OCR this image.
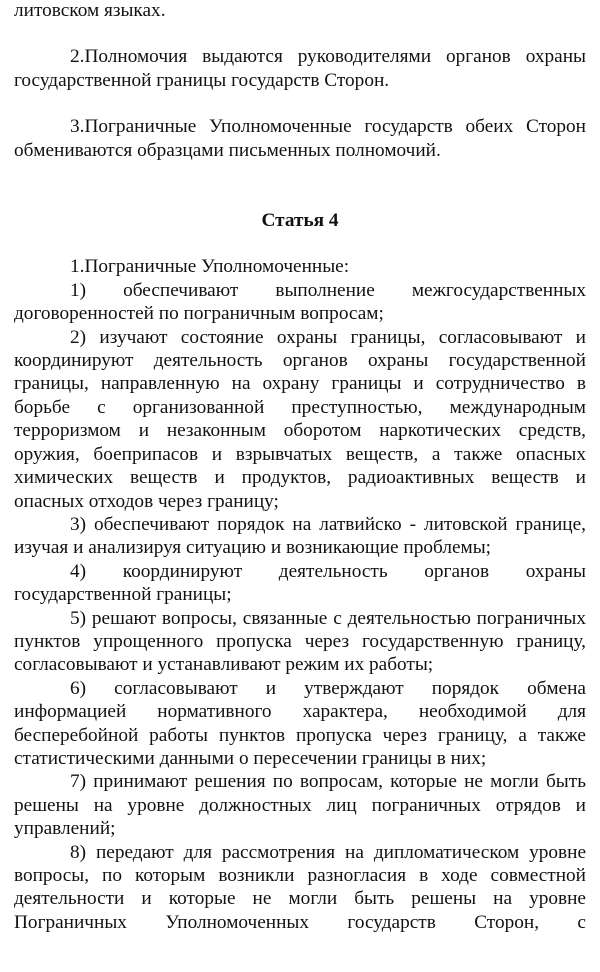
литовском языках.

2.Полномочия выдаются руководителями органов охраны государственной границы государств Сторон.

3.Пограничные Уполномоченные государств обеих Сторон обмениваются образцами письменных полномочий.

Статья 4

1.Пограничные Уполномоченные:

1) обеспечивают выполнение межгосударственных договоренностей по пограничным вопросам;

2) изучают состояние охраны границы, согласовывают и координируют деятельность органов охраны государственной границы, направленную на охрану границы и сотрудничество в борьбе с организованной преступностью, международным терроризмом и незаконным оборотом наркотических средств, оружия, боеприпасов и взрывчатых веществ, а также опасных химических веществ и продуктов, радиоактивных веществ и опасных отходов через границу;

3) обеспечивают порядок на латвийско - литовской границе, изучая и анализируя ситуацию и возникающие проблемы;

4) координируют деятельность органов охраны государственной границы;

5) решают вопросы, связанные с деятельностью пограничных пунктов упрощенного пропуска через государственную границу, согласовывают и устанавливают режим их работы;

6) согласовывают и утверждают порядок обмена информацией нормативного характера, необходимой для бесперебойной работы пунктов пропуска через границу, а также статистическими данными о пересечении границы в них;

7) принимают решения по вопросам, которые не могли быть решены на уровне должностных лиц пограничных отрядов и управлений;

8) передают для рассмотрения на дипломатическом уровне вопросы, по которым возникли разногласия в ходе совместной деятельности и которые не могли быть решены на уровне Пограничных Уполномоченных государств Сторон, с
